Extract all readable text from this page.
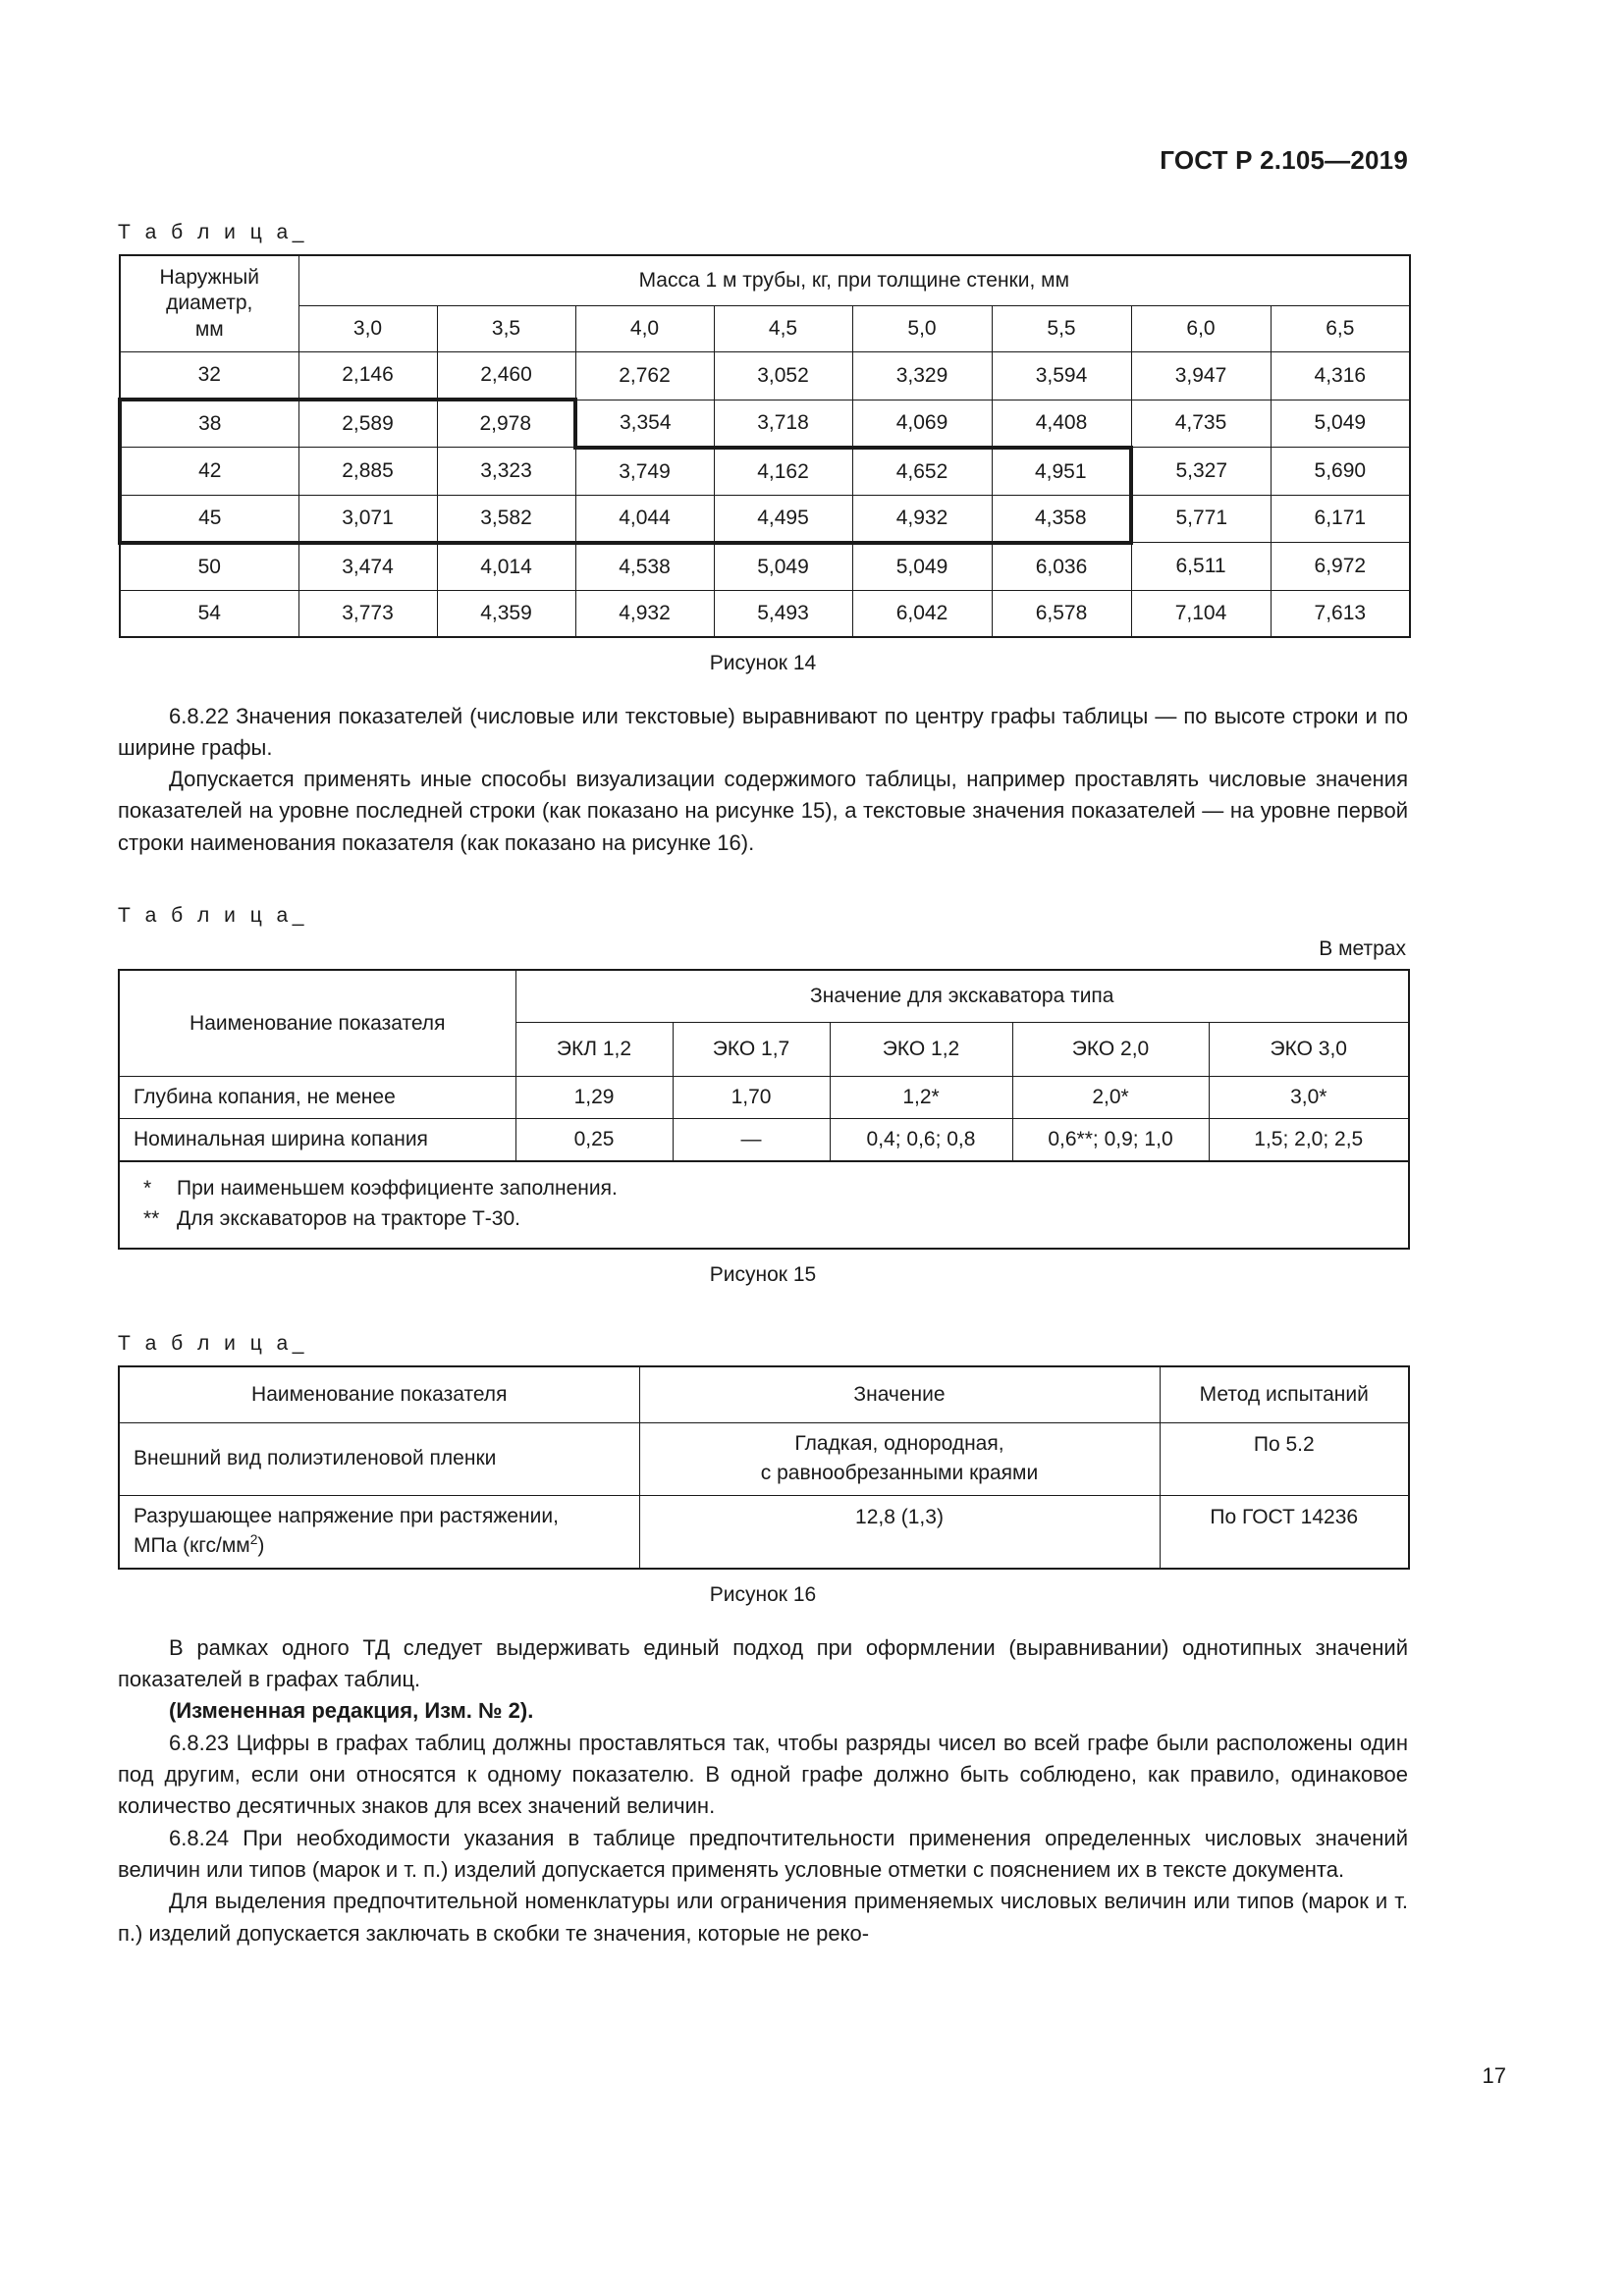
ГОСТ Р 2.105—2019
Т а б л и ц а_
Наружный диаметр,
мм	Масса 1 м трубы, кг, при толщине стенки, мм							
	3,0	3,5	4,0	4,5	5,0	5,5	6,0	6,5
32	2,146	2,460	2,762	3,052	3,329	3,594	3,947	4,316
38	2,589	2,978	3,354	3,718	4,069	4,408	4,735	5,049
42	2,885	3,323	3,749	4,162	4,652	4,951	5,327	5,690
45	3,071	3,582	4,044	4,495	4,932	4,358	5,771	6,171
50	3,474	4,014	4,538	5,049	5,049	6,036	6,511	6,972
54	3,773	4,359	4,932	5,493	6,042	6,578	7,104	7,613
Рисунок 14

6.8.22 Значения показателей (числовые или текстовые) выравнивают по центру графы таблицы — по высоте строки и по ширине графы.

Допускается применять иные способы визуализации содержимого таблицы, например проставлять числовые значения показателей на уровне последней строки (как показано на рисунке 15), а текстовые значения показателей — на уровне первой строки наименования показателя (как показано на рисунке 16).

Т а б л и ц а_
В метрах
Наименование показателя	Значение для экскаватора типа				
	ЭКЛ 1,2	ЭКО 1,7	ЭКО 1,2	ЭКО 2,0	ЭКО 3,0
Глубина копания, не менее	1,29	1,70	1,2*	2,0*	3,0*
Номинальная ширина копания	0,25	—	0,4; 0,6; 0,8	0,6**; 0,9; 1,0	1,5; 2,0; 2,5

* При наименьшем коэффициенте заполнения.
** Для экскаваторов на тракторе Т-30.					
Рисунок 15
Т а б л и ц а_
Наименование показателя	Значение	Метод испытаний
Внешний вид полиэтиленовой пленки	Гладкая, однородная,
с равнообрезанными краями	По 5.2
Разрушающее напряжение при растяжении,
МПа $(кгс/мм^2)$	12,8 (1,3)	По ГОСТ 14236
Рисунок 16

В рамках одного ТД следует выдерживать единый подход при оформлении (выравнивании) однотипных значений показателей в графах таблиц.

(Измененная редакция, Изм. № 2).

6.8.23 Цифры в графах таблиц должны проставляться так, чтобы разряды чисел во всей графе были расположены один под другим, если они относятся к одному показателю. В одной графе должно быть соблюдено, как правило, одинаковое количество десятичных знаков для всех значений величин.

6.8.24 При необходимости указания в таблице предпочтительности применения определенных числовых значений величин или типов (марок и т. п.) изделий допускается применять условные отметки с пояснением их в тексте документа.

Для выделения предпочтительной номенклатуры или ограничения применяемых числовых величин или типов (марок и т. п.) изделий допускается заключать в скобки те значения, которые не реко-

17
